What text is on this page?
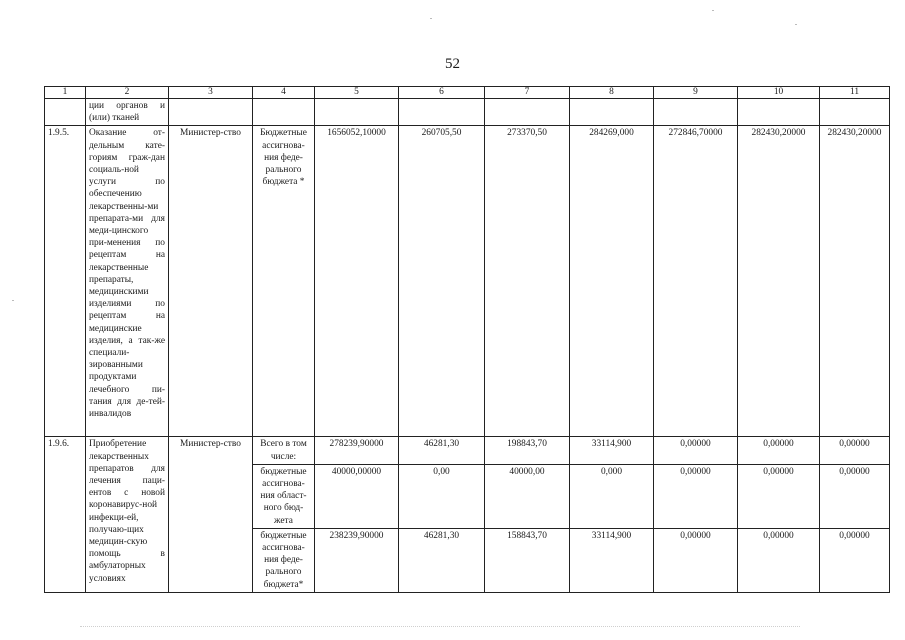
52
1	2	3	4	5	6	7	8	9	10	11
	ции органов и (или) тканей									
1.9.5.	Оказание от-дельным кате-гориям граж-дан социаль-ной услуги по обеспечению лекарственны-ми препарата-ми для меди-цинского при-менения по рецептам на лекарственные препараты, медицинскими изделиями по рецептам на медицинские изделия, а так-же специали-зированными продуктами лечебного пи-тания для де-тей-инвалидов	Министер-ство	Бюджетные ассигнова-ния феде-рального бюджета *	1656052,10000	260705,50	273370,50	284269,000	272846,70000	282430,20000	282430,20000
1.9.6.	Приобретение лекарственных препаратов для лечения паци-ентов с новой коронавирус-ной инфекци-ей, получаю-щих медицин-скую помощь в амбулаторных условиях	Министер-ство	Всего в том числе:	278239,90000	46281,30	198843,70	33114,900	0,00000	0,00000	0,00000
			бюджетные ассигнова-ния област-ного бюд-жета	40000,00000	0,00	40000,00	0,000	0,00000	0,00000	0,00000
			бюджетные ассигнова-ния феде-рального бюджета*	238239,90000	46281,30	158843,70	33114,900	0,00000	0,00000	0,00000
